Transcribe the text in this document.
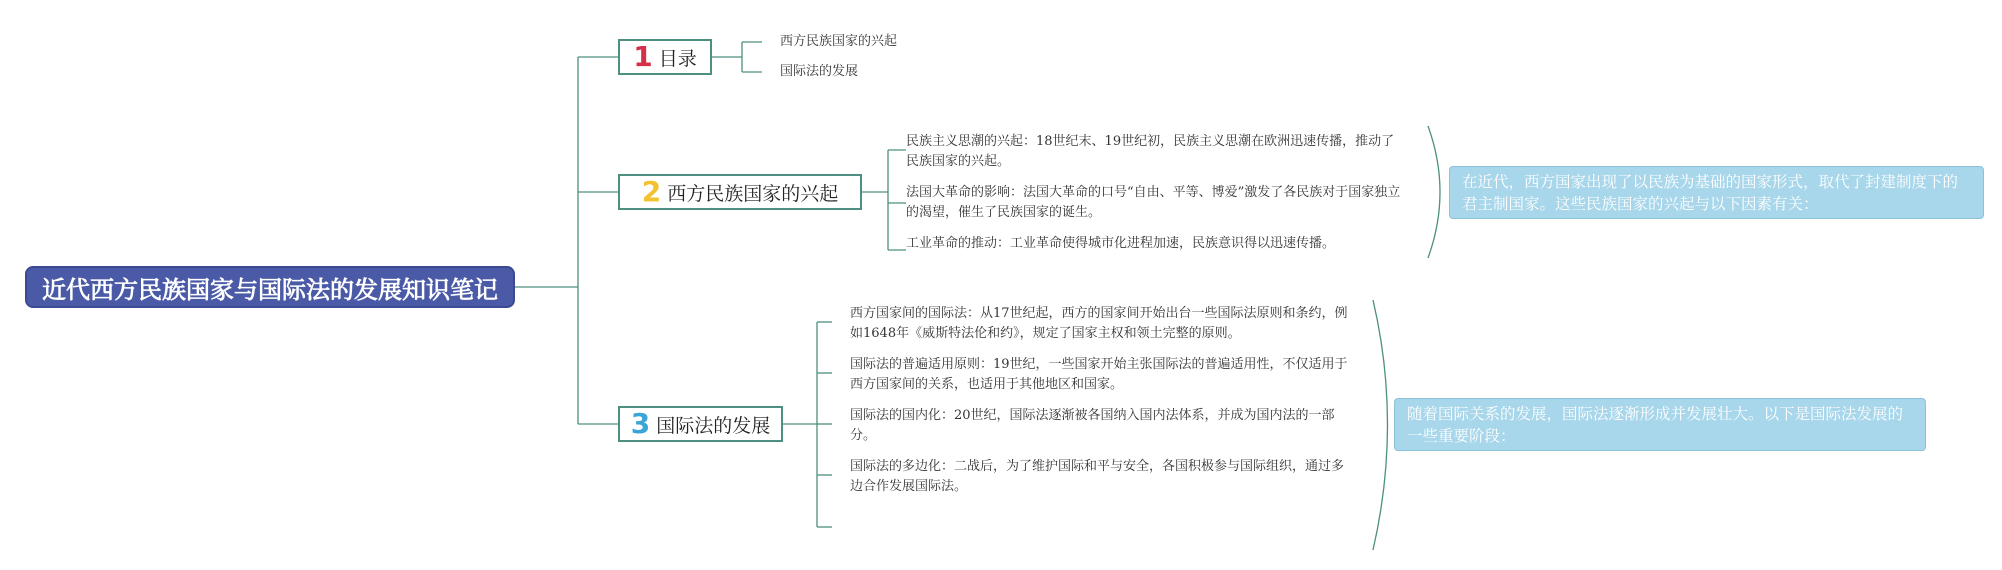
近代西方民族国家与国际法的发展知识笔记
1 目录
西方民族国家的兴起
国际法的发展
2 西方民族国家的兴起
民族主义思潮的兴起：18世纪末、19世纪初，民族主义思潮在欧洲迅速传播，推动了民族国家的兴起。
法国大革命的影响：法国大革命的口号“自由、平等、博爱”激发了各民族对于国家独立的渴望，催生了民族国家的诞生。
工业革命的推动：工业革命使得城市化进程加速，民族意识得以迅速传播。
在近代，西方国家出现了以民族为基础的国家形式，取代了封建制度下的君主制国家。这些民族国家的兴起与以下因素有关：
3 国际法的发展
西方国家间的国际法：从17世纪起，西方的国家间开始出台一些国际法原则和条约，例如1648年《威斯特法伦和约》，规定了国家主权和领土完整的原则。
国际法的普遍适用原则：19世纪，一些国家开始主张国际法的普遍适用性，不仅适用于西方国家间的关系，也适用于其他地区和国家。
国际法的国内化：20世纪，国际法逐渐被各国纳入国内法体系，并成为国内法的一部分。
国际法的多边化：二战后，为了维护国际和平与安全，各国积极参与国际组织，通过多边合作发展国际法。
随着国际关系的发展，国际法逐渐形成并发展壮大。以下是国际法发展的一些重要阶段：
